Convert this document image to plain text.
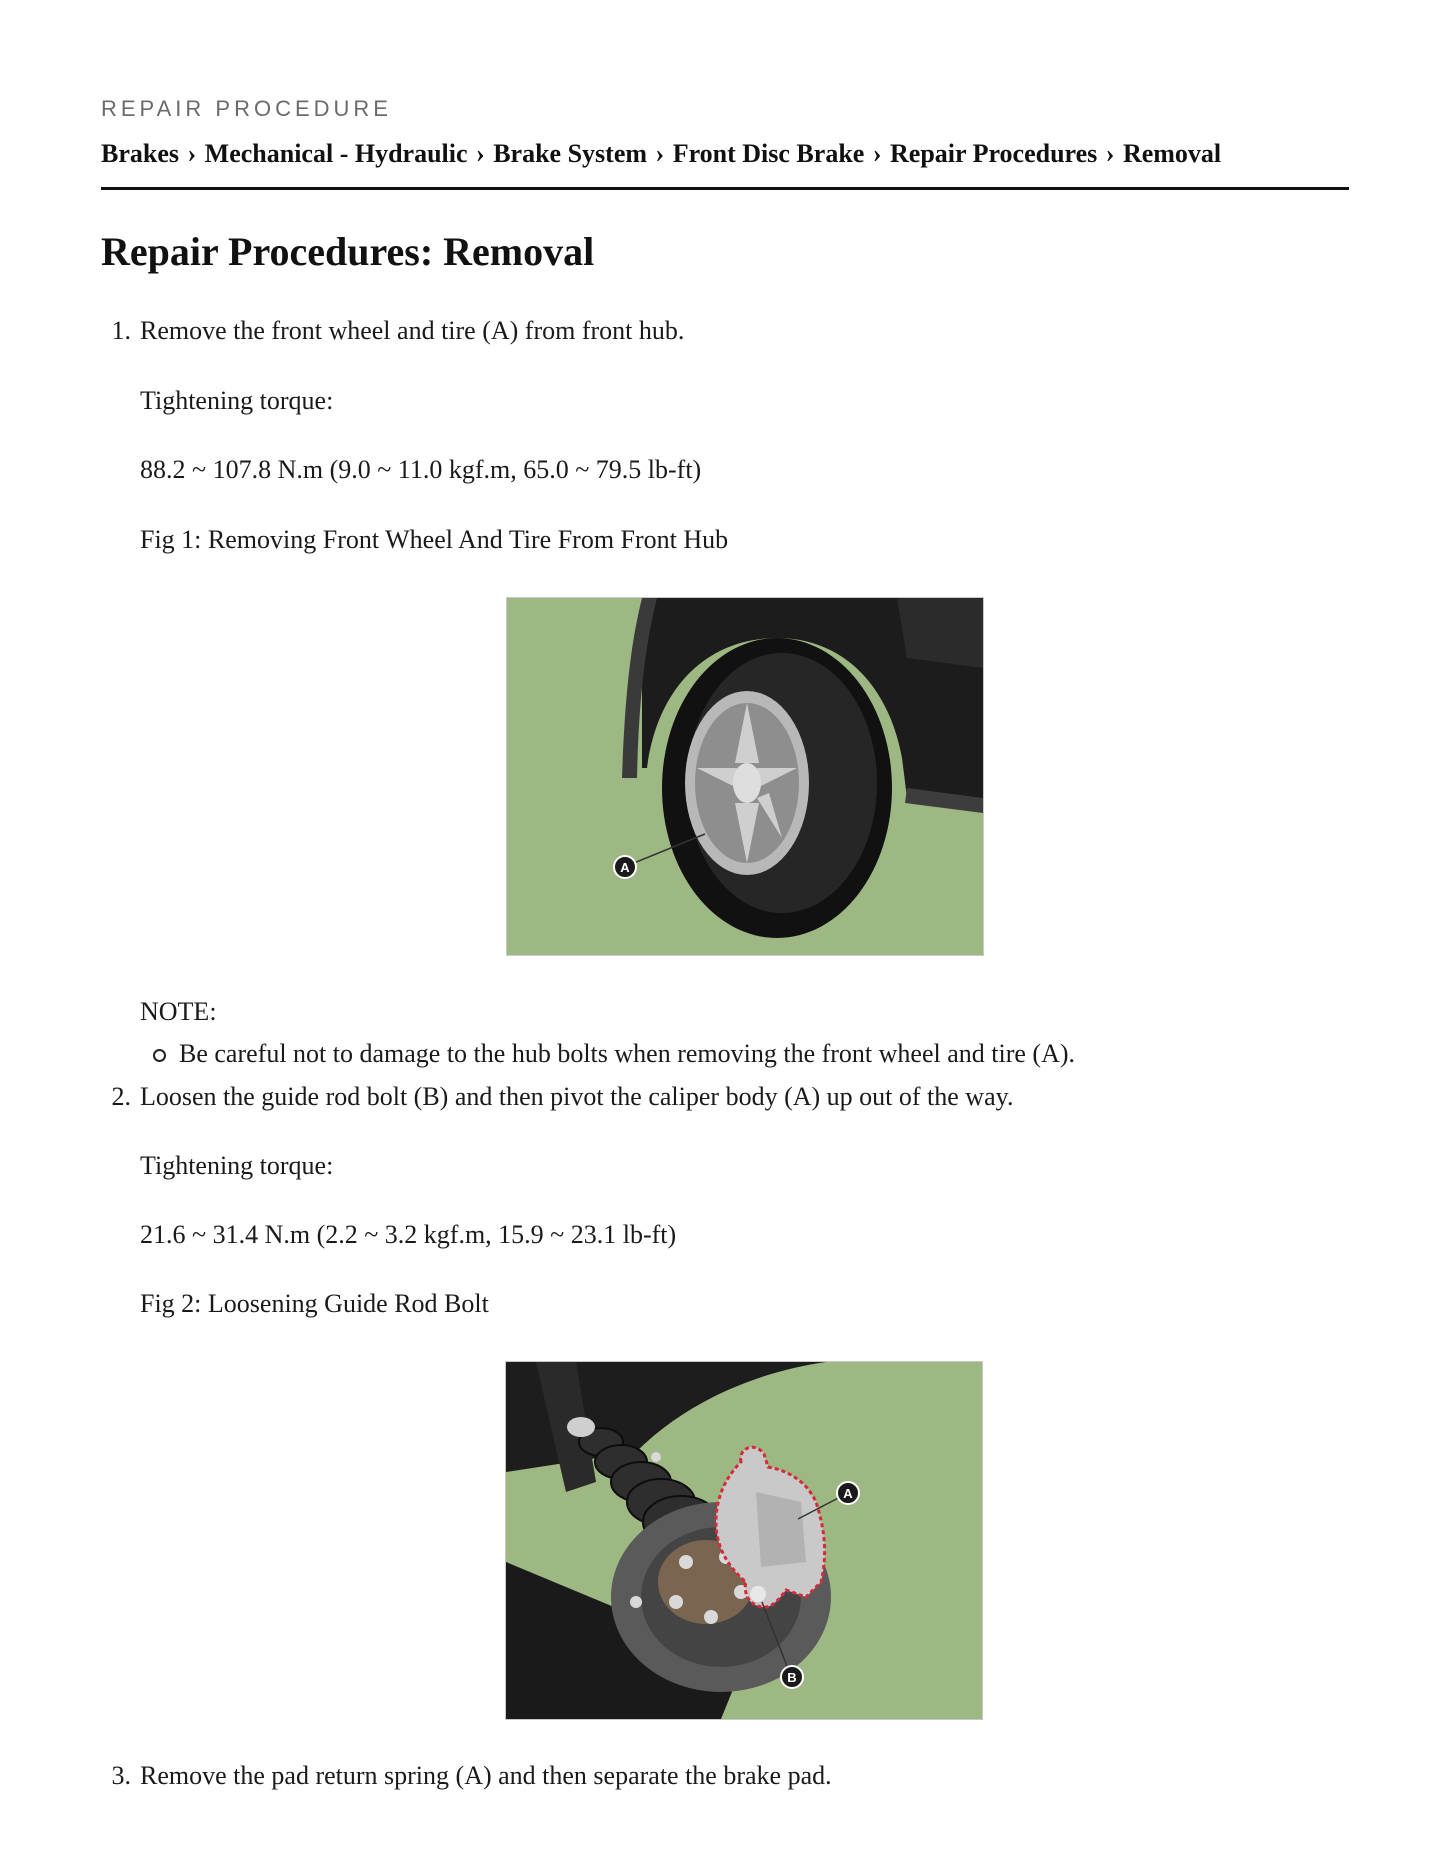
REPAIR PROCEDURE
Brakes › Mechanical - Hydraulic › Brake System › Front Disc Brake › Repair Procedures › Removal
Repair Procedures: Removal
1. Remove the front wheel and tire (A) from front hub.
Tightening torque:
88.2 ~ 107.8 N.m (9.0 ~ 11.0 kgf.m, 65.0 ~ 79.5 lb-ft)
Fig 1: Removing Front Wheel And Tire From Front Hub
A
NOTE:
Be careful not to damage to the hub bolts when removing the front wheel and tire (A).
2. Loosen the guide rod bolt (B) and then pivot the caliper body (A) up out of the way.
Tightening torque:
21.6 ~ 31.4 N.m (2.2 ~ 3.2 kgf.m, 15.9 ~ 23.1 lb-ft)
Fig 2: Loosening Guide Rod Bolt
A
B
3. Remove the pad return spring (A) and then separate the brake pad.
